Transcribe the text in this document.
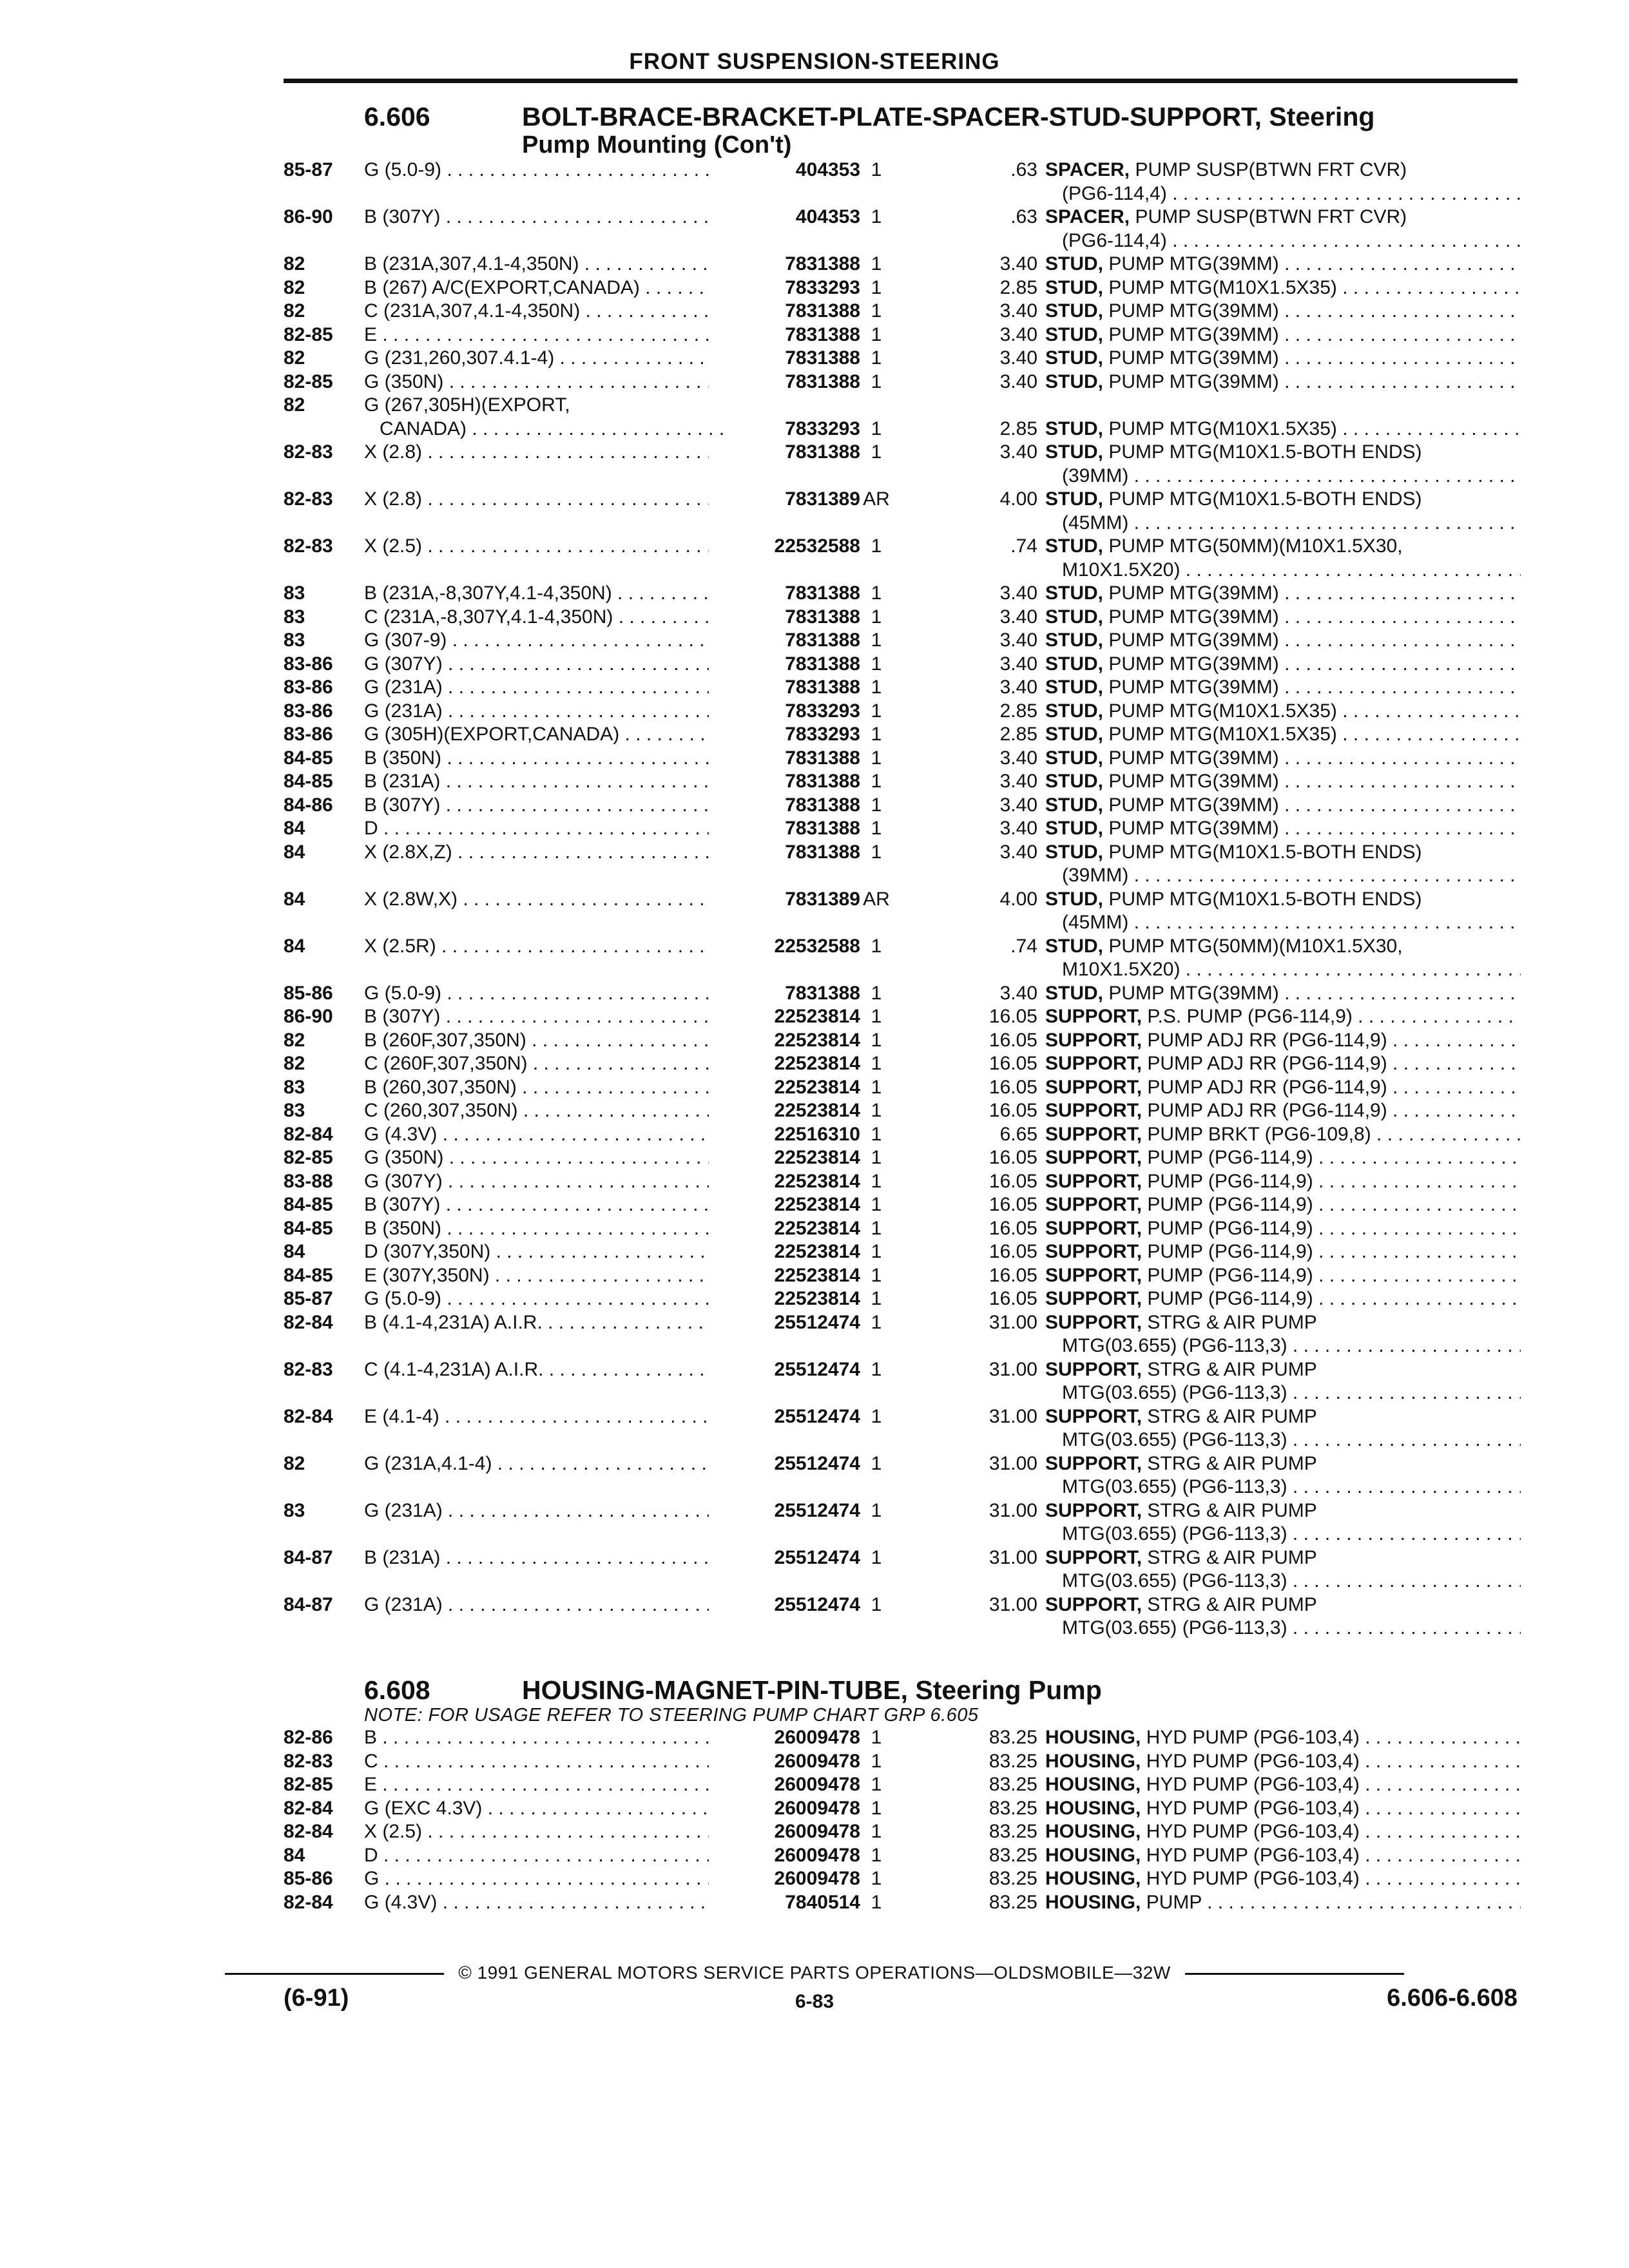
FRONT SUSPENSION-STEERING
6.606	BOLT-BRACE-BRACKET-PLATE-SPACER-STUD-SUPPORT, Steering
Pump Mounting (Con't)
85-87 G (5.0-9) . . .	404353 1	.63 SPACER, PUMP SUSP(BTWN FRT CVR)
(PG6-114,4) . . .
86-90 B (307Y) . . .	404353 1	.63 SPACER, PUMP SUSP(BTWN FRT CVR)
(PG6-114,4) . . .
82	B (231A,307,4.1-4,350N) . . .	7831388 1	3.40 STUD, PUMP MTG(39MM) . . .
82	B (267) A/C(EXPORT,CANADA) . . .	7833293 1	2.85 STUD, PUMP MTG(M10X1.5X35) . . .
82	C (231A,307,4.1-4,350N) . . .	7831388 1	3.40 STUD, PUMP MTG(39MM) . . .
82-85 E . . .	7831388 1	3.40 STUD, PUMP MTG(39MM) . . .
82	G (231,260,307.4.1-4) . . .	7831388 1	3.40 STUD, PUMP MTG(39MM) . . .
82-85 G (350N) . . .	7831388 1	3.40 STUD, PUMP MTG(39MM) . . .
82	G (267,305H)(EXPORT,
CANADA) . . .	7833293 1	2.85 STUD, PUMP MTG(M10X1.5X35) . . .
82-83 X (2.8) . . .	7831388 1	3.40 STUD, PUMP MTG(M10X1.5-BOTH ENDS)
(39MM) . . .
82-83 X (2.8) . . .	7831389 AR	4.00 STUD, PUMP MTG(M10X1.5-BOTH ENDS)
(45MM) . . .
82-83 X (2.5) . . .	22532588 1	.74 STUD, PUMP MTG(50MM)(M10X1.5X30,
M10X1.5X20) . . .
83	B (231A,-8,307Y,4.1-4,350N) . . .	7831388 1	3.40 STUD, PUMP MTG(39MM) . . .
83	C (231A,-8,307Y,4.1-4,350N) . . .	7831388 1	3.40 STUD, PUMP MTG(39MM) . . .
83	G (307-9) . . .	7831388 1	3.40 STUD, PUMP MTG(39MM) . . .
83-86 G (307Y) . . .	7831388 1	3.40 STUD, PUMP MTG(39MM) . . .
83-86 G (231A) . . .	7831388 1	3.40 STUD, PUMP MTG(39MM) . . .
83-86 G (231A) . . .	7833293 1	2.85 STUD, PUMP MTG(M10X1.5X35) . . .
83-86 G (305H)(EXPORT,CANADA) . . .	7833293 1	2.85 STUD, PUMP MTG(M10X1.5X35) . . .
84-85 B (350N) . . .	7831388 1	3.40 STUD, PUMP MTG(39MM) . . .
84-85 B (231A) . . .	7831388 1	3.40 STUD, PUMP MTG(39MM) . . .
84-86 B (307Y) . . .	7831388 1	3.40 STUD, PUMP MTG(39MM) . . .
84	D . . .	7831388 1	3.40 STUD, PUMP MTG(39MM) . . .
84	X (2.8X,Z) . . .	7831388 1	3.40 STUD, PUMP MTG(M10X1.5-BOTH ENDS)
(39MM) . . .
84	X (2.8W,X) . . .	7831389 AR	4.00 STUD, PUMP MTG(M10X1.5-BOTH ENDS)
(45MM) . . .
84	X (2.5R) . . .	22532588 1	.74 STUD, PUMP MTG(50MM)(M10X1.5X30,
M10X1.5X20) . . .
85-86 G (5.0-9) . . .	7831388 1	3.40 STUD, PUMP MTG(39MM) . . .
86-90 B (307Y) . . .	22523814 1	16.05 SUPPORT, P.S. PUMP (PG6-114,9) . . .
82	B (260F,307,350N) . . .	22523814 1	16.05 SUPPORT, PUMP ADJ RR (PG6-114,9) . . .
82	C (260F,307,350N) . . .	22523814 1	16.05 SUPPORT, PUMP ADJ RR (PG6-114,9) . . .
83	B (260,307,350N) . . .	22523814 1	16.05 SUPPORT, PUMP ADJ RR (PG6-114,9) . . .
83	C (260,307,350N) . . .	22523814 1	16.05 SUPPORT, PUMP ADJ RR (PG6-114,9) . . .
82-84 G (4.3V) . . .	22516310 1	6.65 SUPPORT, PUMP BRKT (PG6-109,8) . . .
82-85 G (350N) . . .	22523814 1	16.05 SUPPORT, PUMP (PG6-114,9) . . .
83-88 G (307Y) . . .	22523814 1	16.05 SUPPORT, PUMP (PG6-114,9) . . .
84-85 B (307Y) . . .	22523814 1	16.05 SUPPORT, PUMP (PG6-114,9) . . .
84-85 B (350N) . . .	22523814 1	16.05 SUPPORT, PUMP (PG6-114,9) . . .
84	D (307Y,350N) . . .	22523814 1	16.05 SUPPORT, PUMP (PG6-114,9) . . .
84-85 E (307Y,350N) . . .	22523814 1	16.05 SUPPORT, PUMP (PG6-114,9) . . .
85-87 G (5.0-9) . . .	22523814 1	16.05 SUPPORT, PUMP (PG6-114,9) . . .
82-84 B (4.1-4,231A) A.I.R. . . .	25512474 1	31.00 SUPPORT, STRG & AIR PUMP
MTG(03.655) (PG6-113,3) . . .
82-83 C (4.1-4,231A) A.I.R. . . .	25512474 1	31.00 SUPPORT, STRG & AIR PUMP
MTG(03.655) (PG6-113,3) . . .
82-84 E (4.1-4) . . .	25512474 1	31.00 SUPPORT, STRG & AIR PUMP
MTG(03.655) (PG6-113,3) . . .
82	G (231A,4.1-4) . . .	25512474 1	31.00 SUPPORT, STRG & AIR PUMP
MTG(03.655) (PG6-113,3) . . .
83	G (231A) . . .	25512474 1	31.00 SUPPORT, STRG & AIR PUMP
MTG(03.655) (PG6-113,3) . . .
84-87 B (231A) . . .	25512474 1	31.00 SUPPORT, STRG & AIR PUMP
MTG(03.655) (PG6-113,3) . . .
84-87 G (231A) . . .	25512474 1	31.00 SUPPORT, STRG & AIR PUMP
MTG(03.655) (PG6-113,3) . . .
6.608	HOUSING-MAGNET-PIN-TUBE, Steering Pump
NOTE: FOR USAGE REFER TO STEERING PUMP CHART GRP 6.605
82-86 B . . .	26009478 1	83.25 HOUSING, HYD PUMP (PG6-103,4) . . .
82-83 C . . .	26009478 1	83.25 HOUSING, HYD PUMP (PG6-103,4) . . .
82-85 E . . .	26009478 1	83.25 HOUSING, HYD PUMP (PG6-103,4) . . .
82-84 G (EXC 4.3V) . . .	26009478 1	83.25 HOUSING, HYD PUMP (PG6-103,4) . . .
82-84 X (2.5) . . .	26009478 1	83.25 HOUSING, HYD PUMP (PG6-103,4) . . .
84	D . . .	26009478 1	83.25 HOUSING, HYD PUMP (PG6-103,4) . . .
85-86 G . . .	26009478 1	83.25 HOUSING, HYD PUMP (PG6-103,4) . . .
82-84 G (4.3V) . . .	7840514 1	83.25 HOUSING, PUMP . . .
© 1991 GENERAL MOTORS SERVICE PARTS OPERATIONS—OLDSMOBILE—32W
(6-91)	6-83	6.606-6.608
